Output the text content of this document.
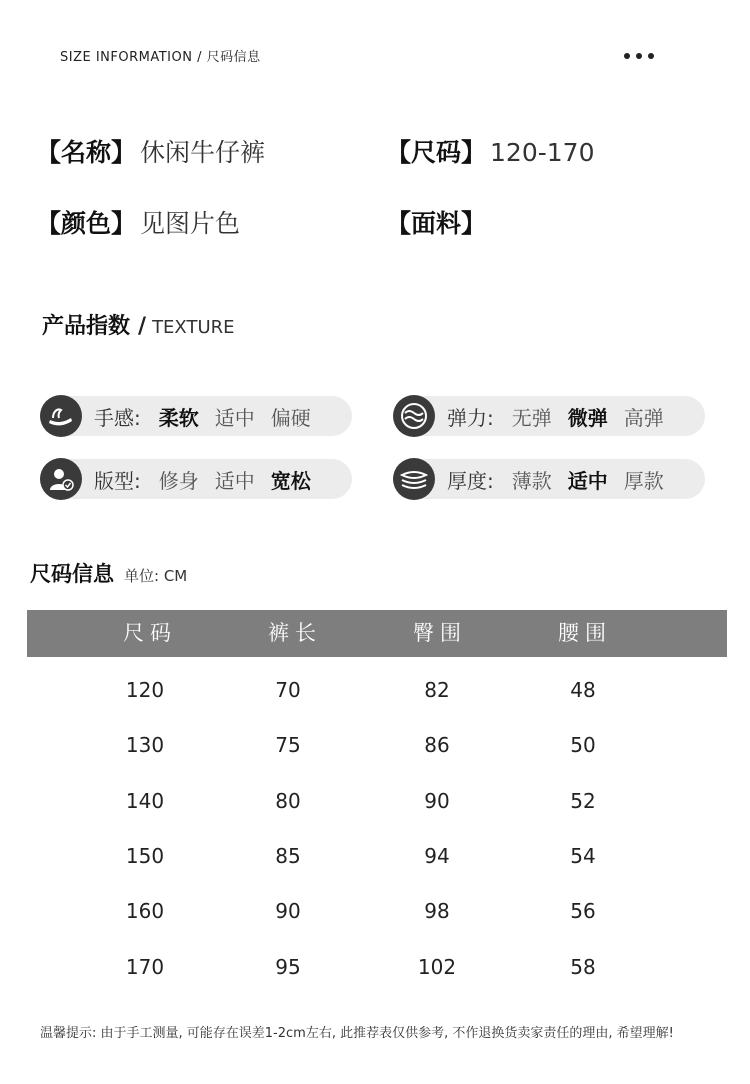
SIZE INFORMATION / 尺码信息
【名称】 休闲牛仔裤	【尺码】 120-170
【颜色】 见图片色	【面料】
产品指数 / TEXTURE
手感: 柔软 适中 偏硬	弹力: 无弹 微弹 高弹
版型: 修身 适中 宽松	厚度: 薄款 适中 厚款
尺码信息 单位: CM
尺码	裤长	臀围	腰围
120	70	82	48
130	75	86	50
140	80	90	52
150	85	94	54
160	90	98	56
170	95	102	58
温馨提示: 由于手工测量, 可能存在误差1-2cm左右, 此推荐表仅供参考, 不作退换货卖家责任的理由, 希望理解!
